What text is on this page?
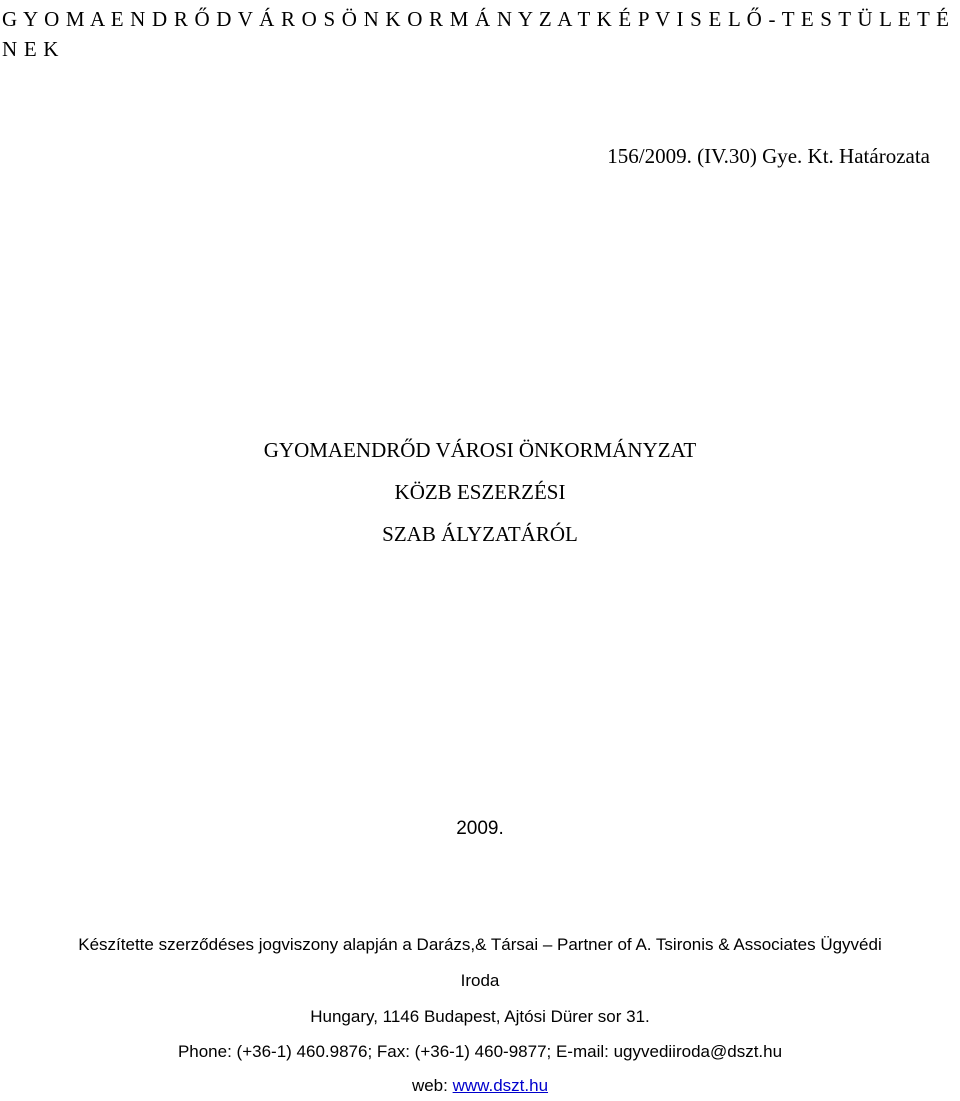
G Y O M A E N D R Ő D V Á R O S Ö N K O R M Á N Y Z A T K É P V I S E L Ő - T E S T Ü L E T É N E K
156/2009. (IV.30) Gye. Kt. Határozata
GYOMAENDRŐD VÁROSI ÖNKORMÁNYZAT
KÖZB ESZERZÉSI
SZAB ÁLYZATÁRÓL
2009.
Készítette szerződéses jogviszony alapján a Darázs,& Társai – Partner of A. Tsironis & Associates Ügyvédi
Iroda
Hungary, 1146 Budapest, Ajtósi Dürer sor 31.
Phone: (+36-1) 460.9876; Fax: (+36-1) 460-9877; E-mail: ugyvediiroda@dszt.hu
web: www.dszt.hu
